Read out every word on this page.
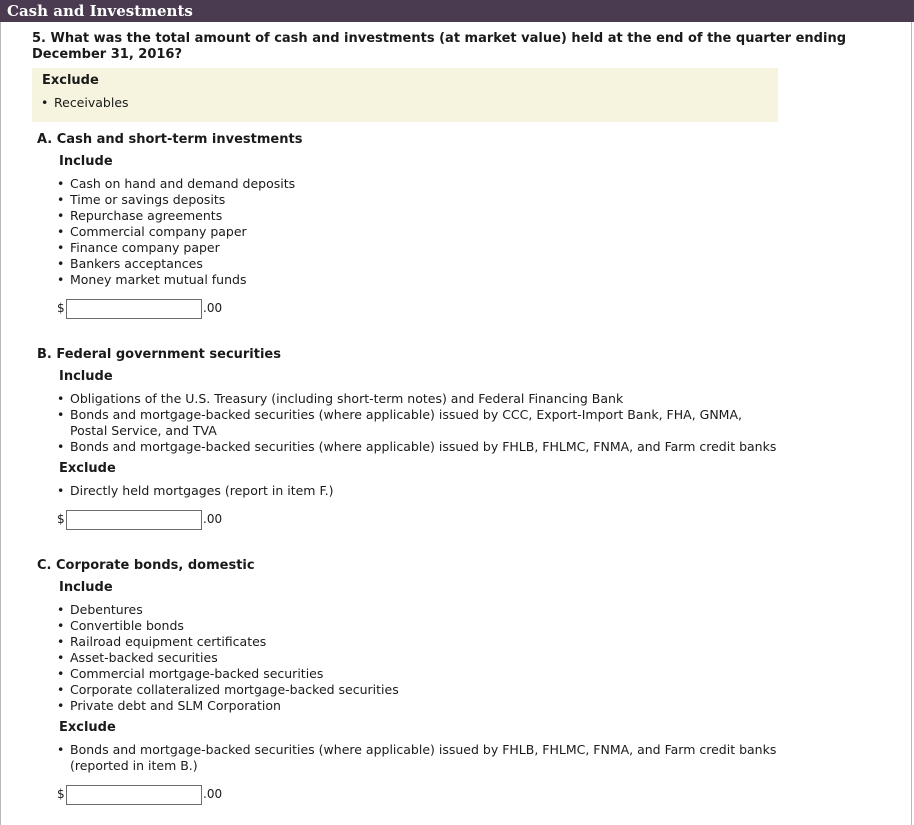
Cash and Investments
5. What was the total amount of cash and investments (at market value) held at the end of the quarter ending December 31, 2016?
Exclude
• Receivables
A. Cash and short-term investments
Include
• Cash on hand and demand deposits
• Time or savings deposits
• Repurchase agreements
• Commercial company paper
• Finance company paper
• Bankers acceptances
• Money market mutual funds
$	.00
B. Federal government securities
Include
• Obligations of the U.S. Treasury (including short-term notes) and Federal Financing Bank
• Bonds and mortgage-backed securities (where applicable) issued by CCC, Export-Import Bank, FHA, GNMA, Postal Service, and TVA
• Bonds and mortgage-backed securities (where applicable) issued by FHLB, FHLMC, FNMA, and Farm credit banks
Exclude
• Directly held mortgages (report in item F.)
$	.00
C. Corporate bonds, domestic
Include
• Debentures
• Convertible bonds
• Railroad equipment certificates
• Asset-backed securities
• Commercial mortgage-backed securities
• Corporate collateralized mortgage-backed securities
• Private debt and SLM Corporation
Exclude
• Bonds and mortgage-backed securities (where applicable) issued by FHLB, FHLMC, FNMA, and Farm credit banks (reported in item B.)
$	.00
